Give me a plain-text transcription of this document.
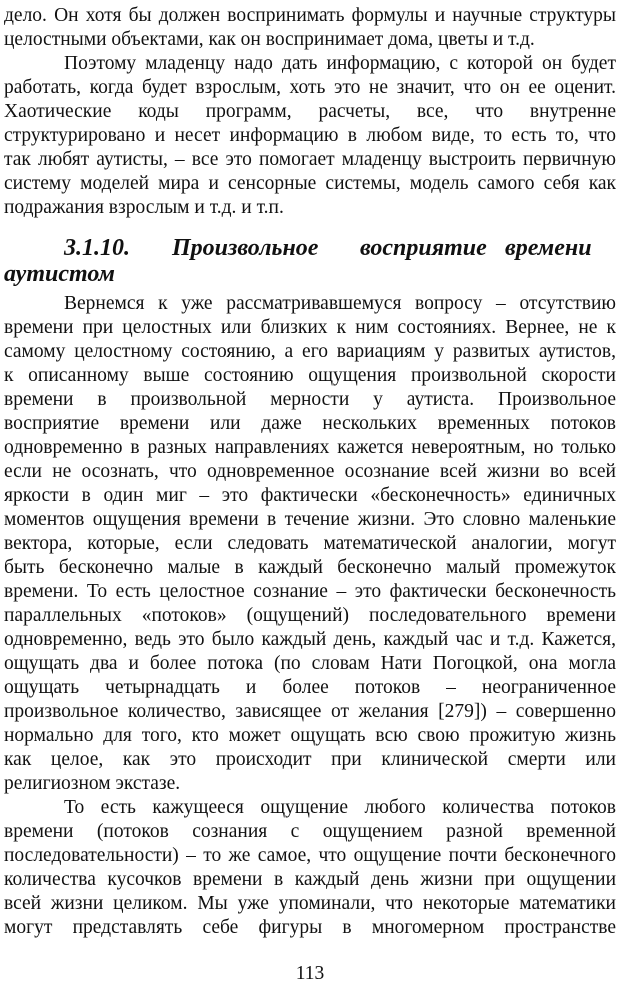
дело. Он хотя бы должен воспринимать формулы и научные структуры
целостными объектами, как он воспринимает дома, цветы и т.д.
Поэтому младенцу надо дать информацию, с которой он будет
работать, когда будет взрослым, хоть это не значит, что он ее оценит.
Хаотические коды программ, расчеты, все, что внутренне
структурировано и несет информацию в любом виде, то есть то, что
так любят аутисты, – все это помогает младенцу выстроить первичную
систему моделей мира и сенсорные системы, модель самого себя как
подражания взрослым и т.д. и т.п.
3.1.10. Произвольное восприятие времени
аутистом
Вернемся к уже рассматривавшемуся вопросу – отсутствию
времени при целостных или близких к ним состояниях. Вернее, не к
самому целостному состоянию, а его вариациям у развитых аутистов,
к описанному выше состоянию ощущения произвольной скорости
времени в произвольной мерности у аутиста. Произвольное
восприятие времени или даже нескольких временных потоков
одновременно в разных направлениях кажется невероятным, но только
если не осознать, что одновременное осознание всей жизни во всей
яркости в один миг – это фактически «бесконечность» единичных
моментов ощущения времени в течение жизни. Это словно маленькие
вектора, которые, если следовать математической аналогии, могут
быть бесконечно малые в каждый бесконечно малый промежуток
времени. То есть целостное сознание – это фактически бесконечность
параллельных «потоков» (ощущений) последовательного времени
одновременно, ведь это было каждый день, каждый час и т.д. Кажется,
ощущать два и более потока (по словам Нати Погоцкой, она могла
ощущать четырнадцать и более потоков – неограниченное
произвольное количество, зависящее от желания [279]) – совершенно
нормально для того, кто может ощущать всю свою прожитую жизнь
как целое, как это происходит при клинической смерти или
религиозном экстазе.
То есть кажущееся ощущение любого количества потоков
времени (потоков сознания с ощущением разной временной
последовательности) – то же самое, что ощущение почти бесконечного
количества кусочков времени в каждый день жизни при ощущении
всей жизни целиком. Мы уже упоминали, что некоторые математики
могут представлять себе фигуры в многомерном пространстве
113
